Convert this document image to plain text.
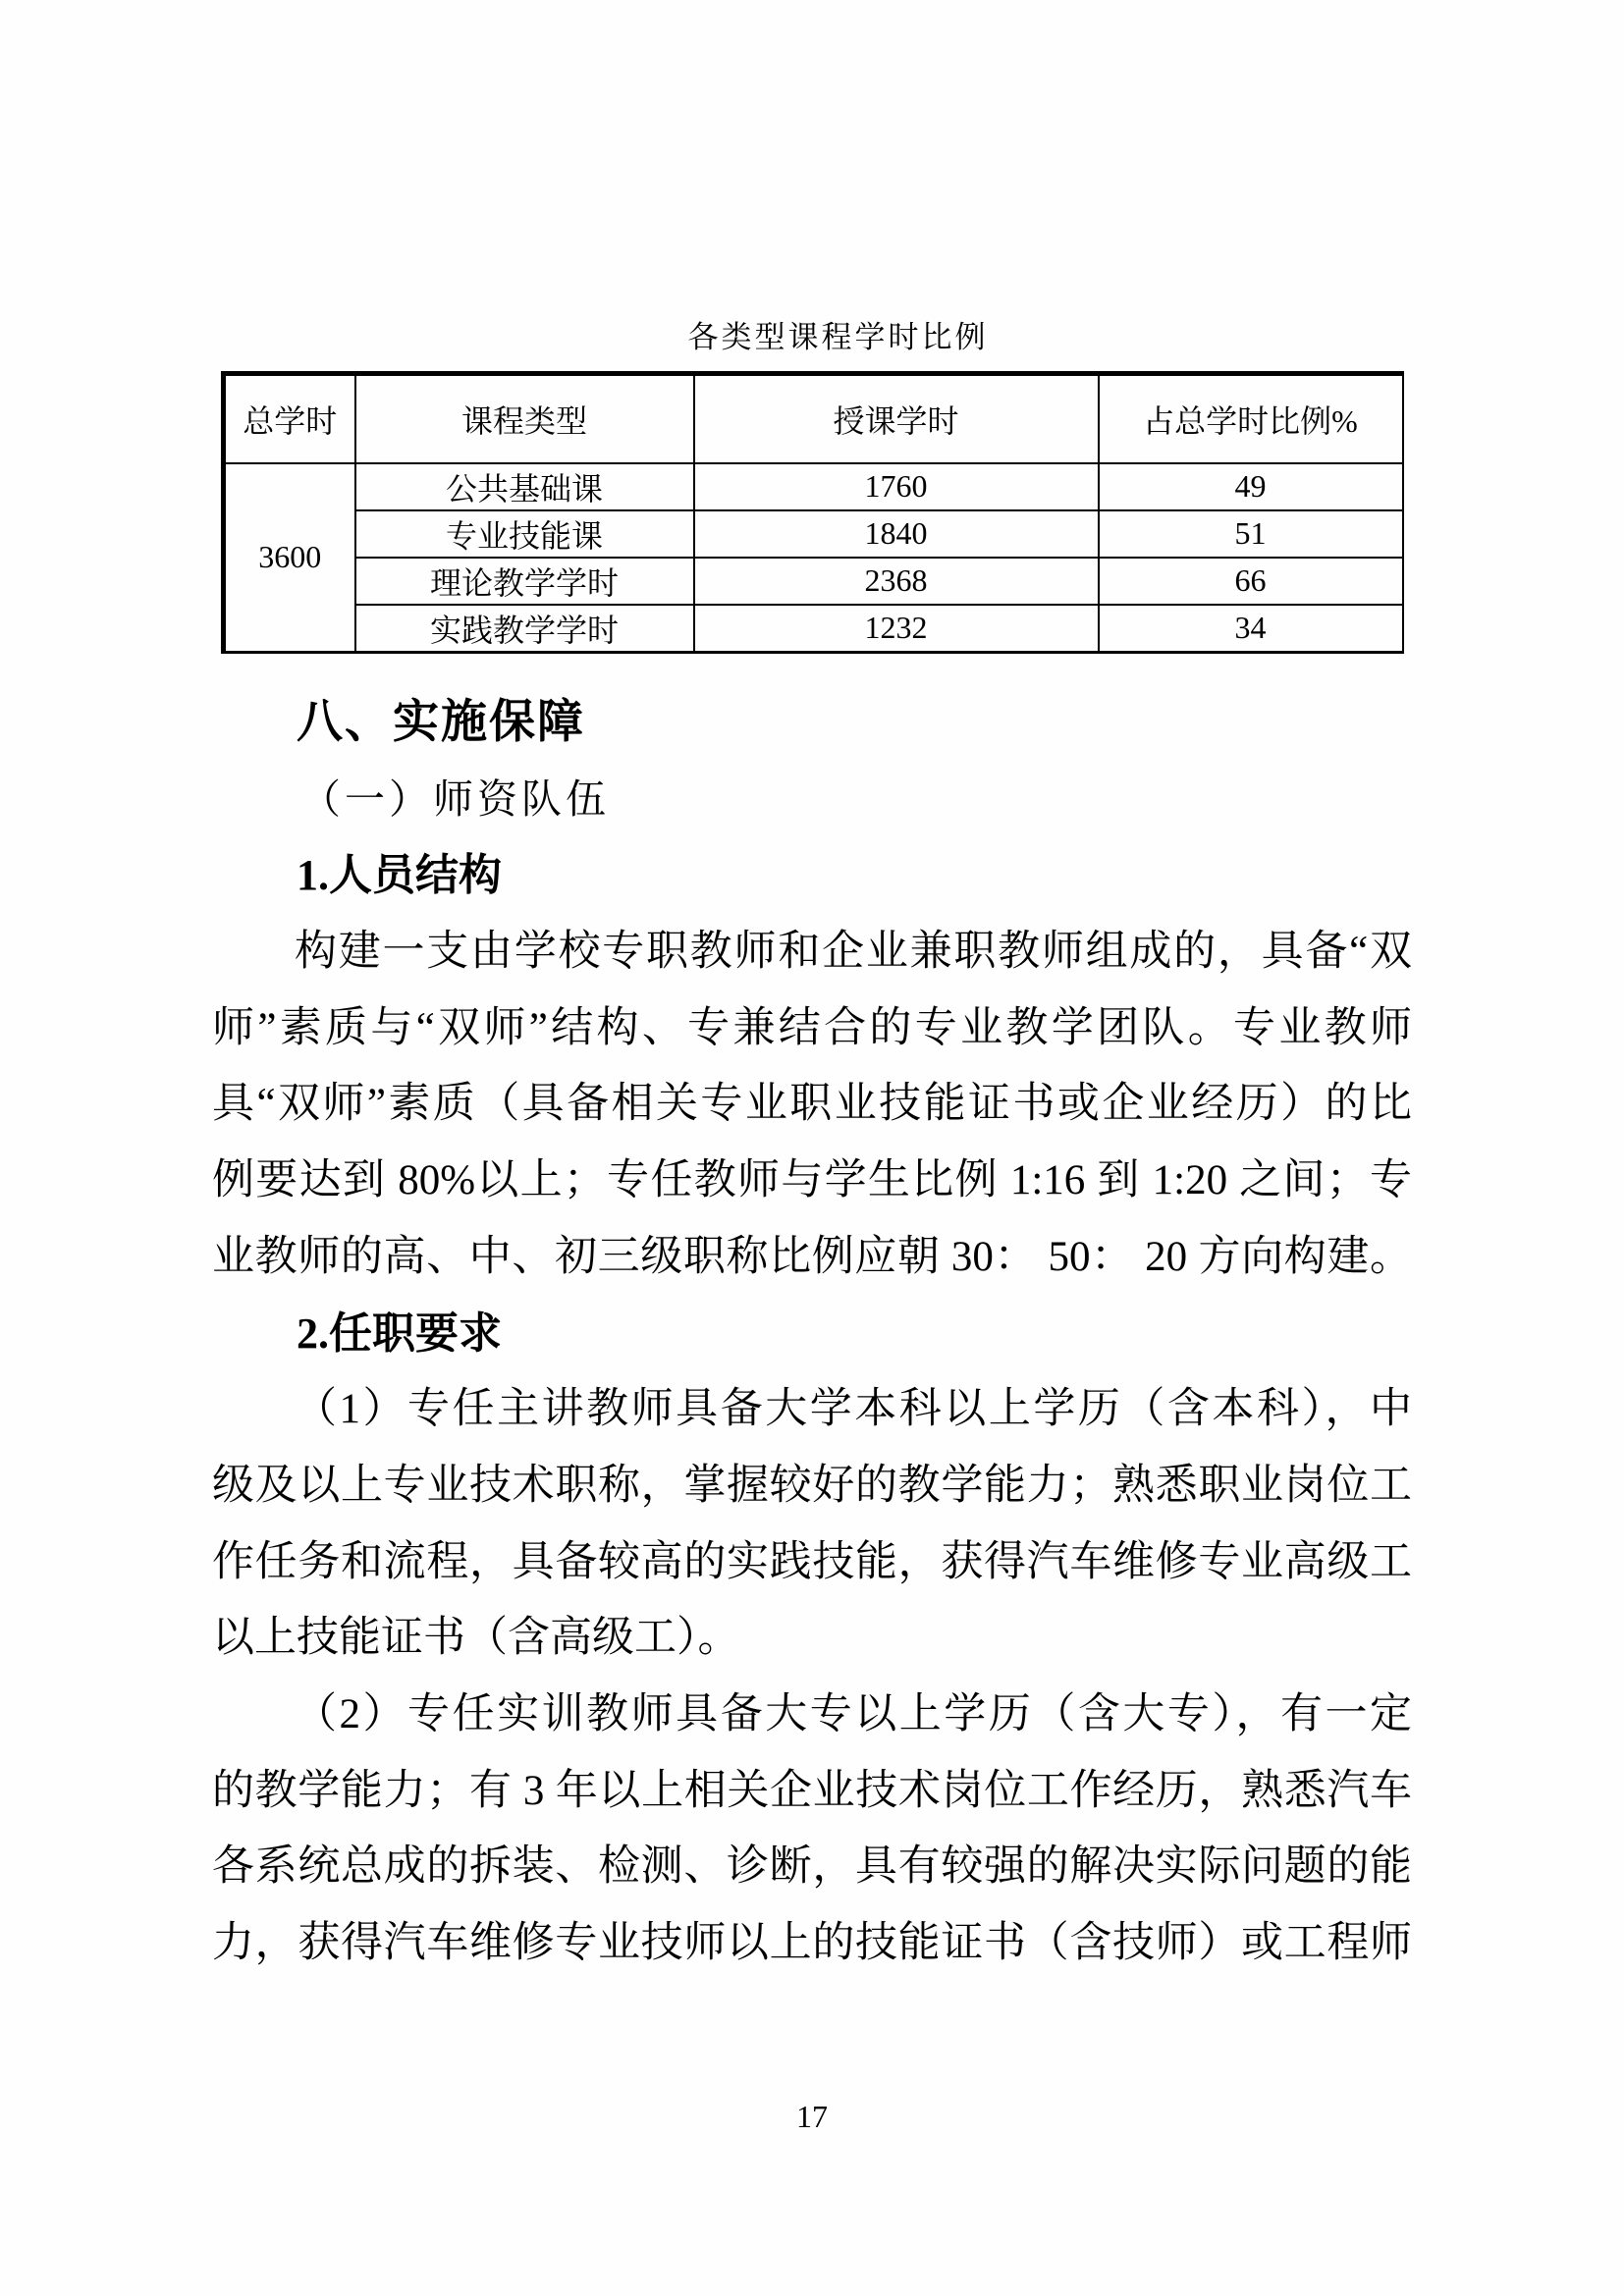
各类型课程学时比例
总学时	课程类型	授课学时	占总学时比例%
3600	公共基础课	1760	49
	专业技能课	1840	51
	理论教学学时	2368	66
	实践教学学时	1232	34
八、实施保障
（一）师资队伍
1.人员结构
构建一支由学校专职教师和企业兼职教师组成的，具备“双
师”素质与“双师”结构、专兼结合的专业教学团队。专业教师
具“双师”素质（具备相关专业职业技能证书或企业经历）的比
例要达到 80%以上；专任教师与学生比例 1:16 到 1:20 之间；专
业教师的高、中、初三级职称比例应朝 30： 50： 20 方向构建。
2.任职要求
（1）专任主讲教师具备大学本科以上学历（含本科），中
级及以上专业技术职称，掌握较好的教学能力；熟悉职业岗位工
作任务和流程，具备较高的实践技能，获得汽车维修专业高级工
以上技能证书（含高级工）。
（2）专任实训教师具备大专以上学历（含大专），有一定
的教学能力；有 3 年以上相关企业技术岗位工作经历，熟悉汽车
各系统总成的拆装、检测、诊断，具有较强的解决实际问题的能
力，获得汽车维修专业技师以上的技能证书（含技师）或工程师
17
